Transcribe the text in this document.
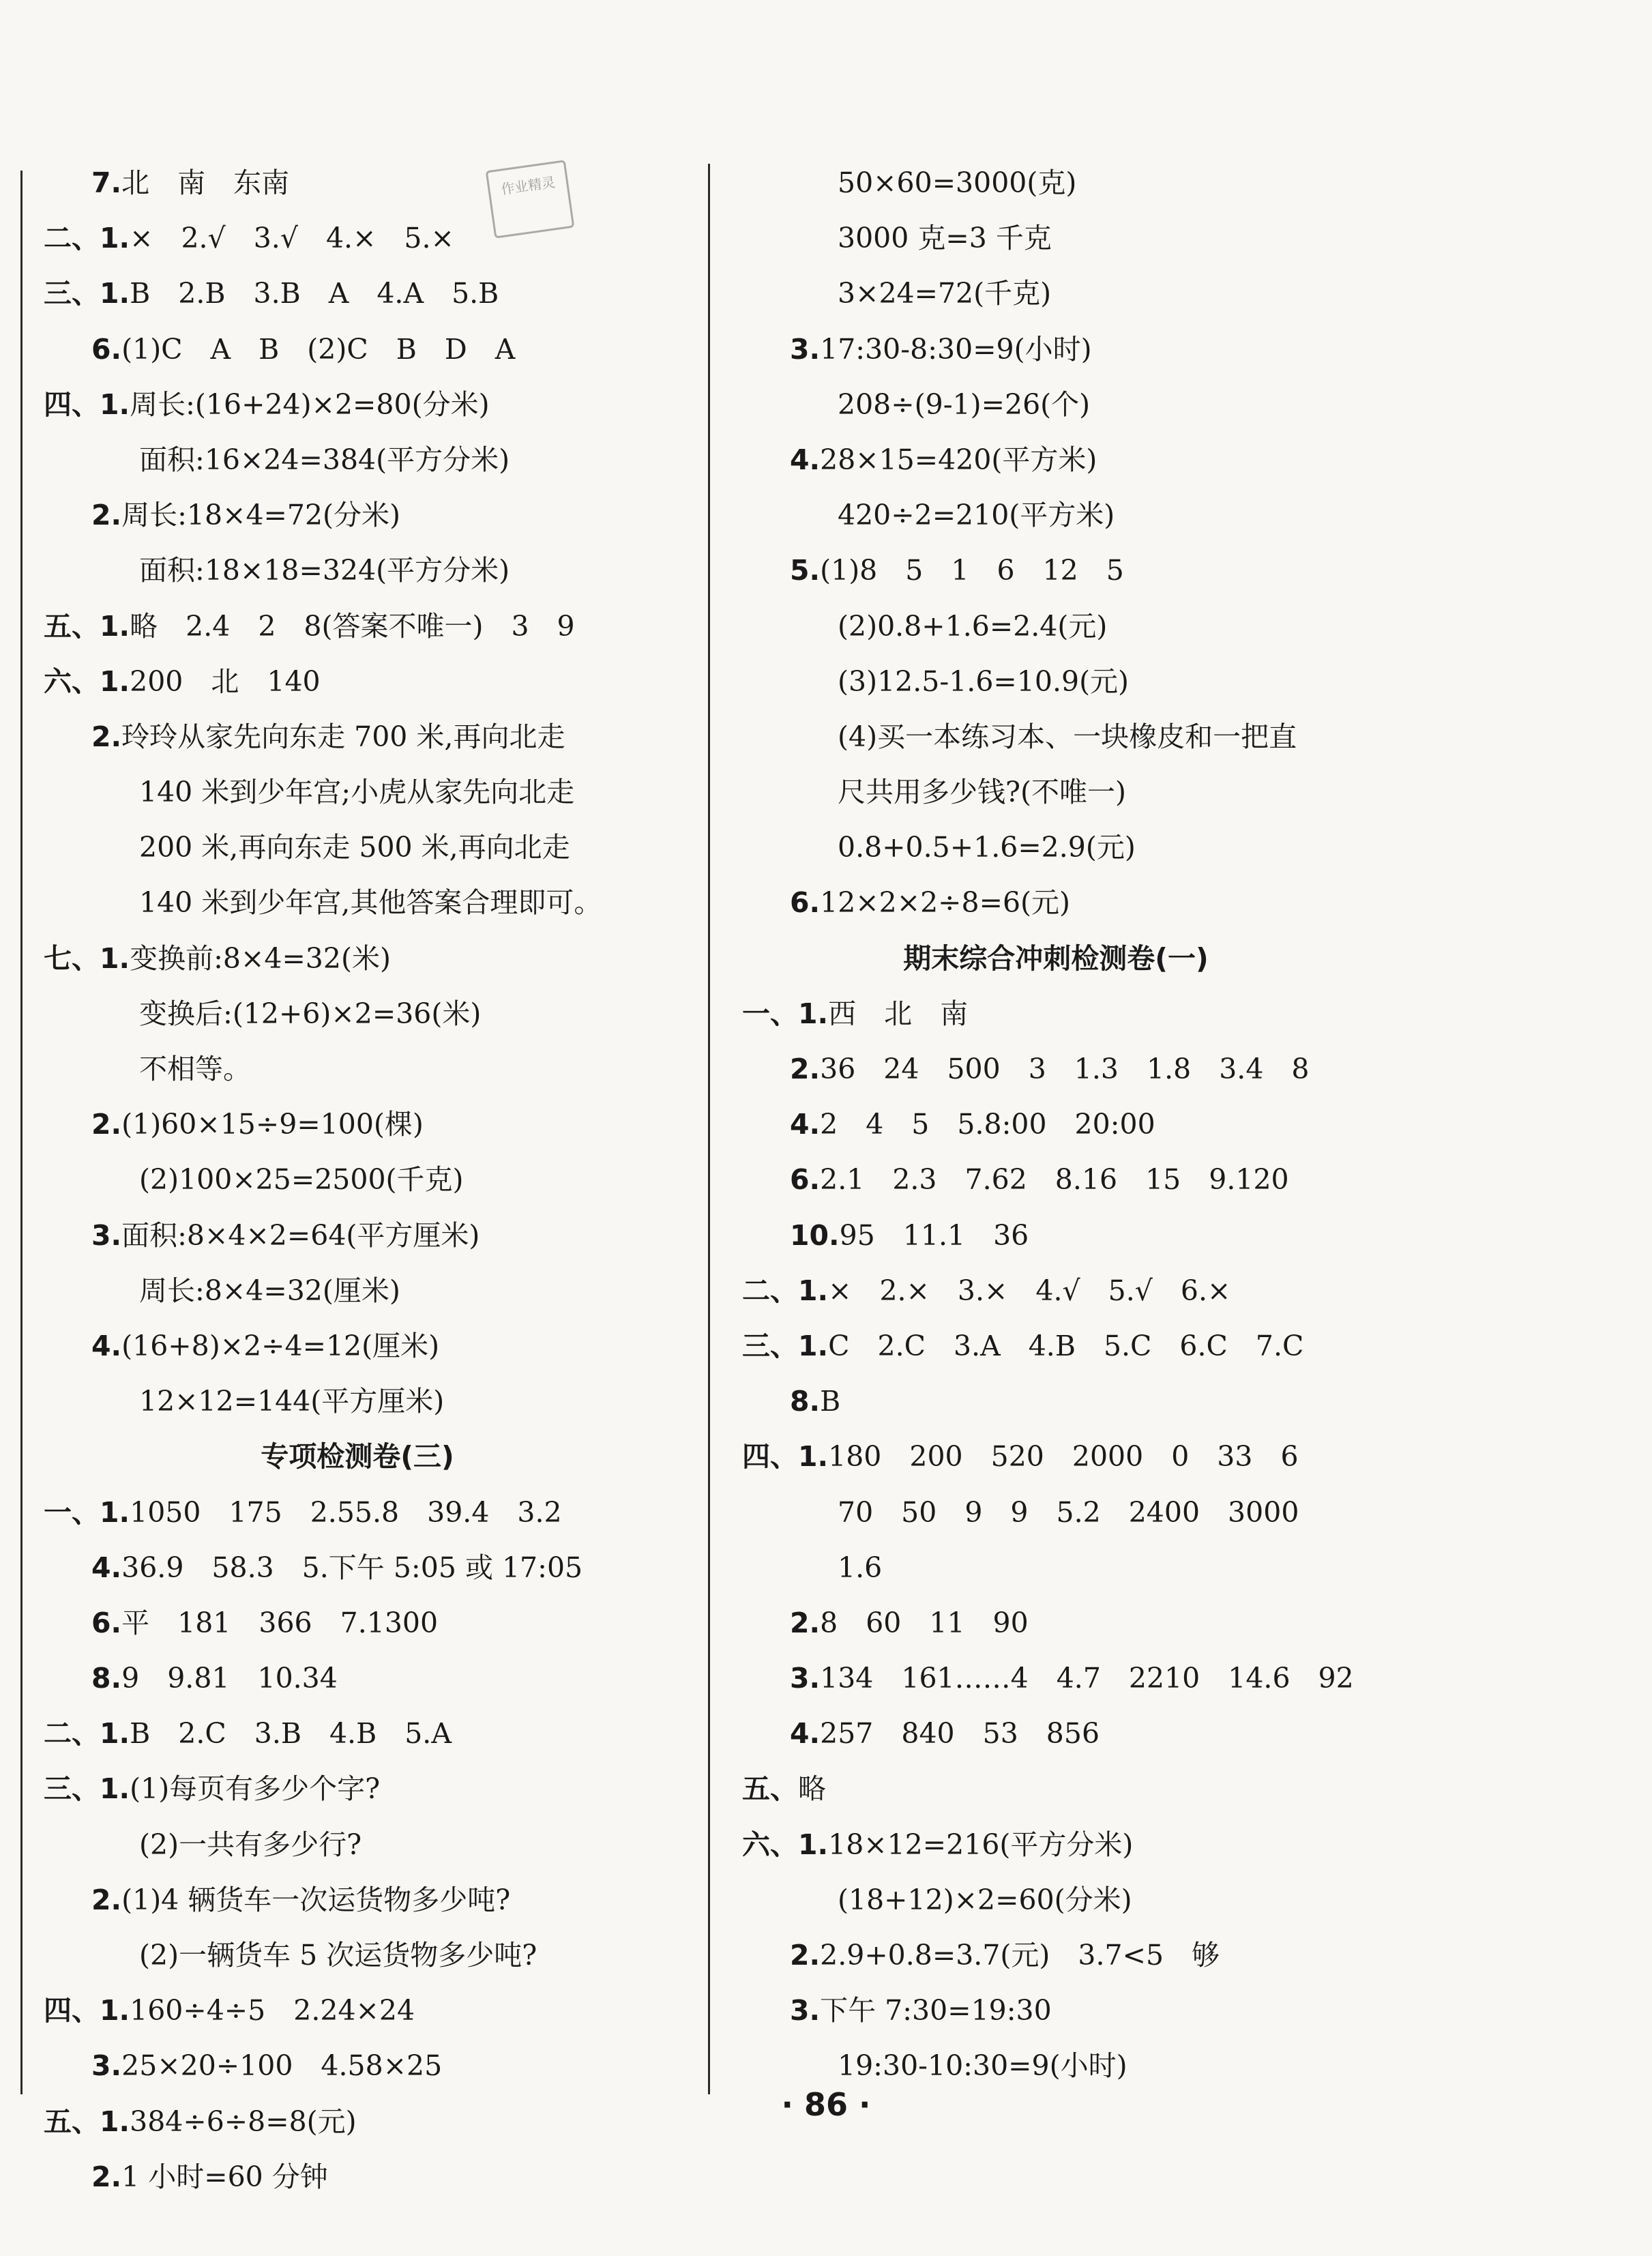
作业精灵
7.北　南　东南
二、1.×　2.√　3.√　4.×　5.×
三、1.B　2.B　3.B　A　4.A　5.B
6.(1)C　A　B　(2)C　B　D　A
四、1.周长:(16+24)×2=80(分米)
面积:16×24=384(平方分米)
2.周长:18×4=72(分米)
面积:18×18=324(平方分米)
五、1.略　2.4　2　8(答案不唯一)　3　9
六、1.200　北　140
2.玲玲从家先向东走 700 米,再向北走
140 米到少年宫;小虎从家先向北走
200 米,再向东走 500 米,再向北走
140 米到少年宫,其他答案合理即可。
七、1.变换前:8×4=32(米)
变换后:(12+6)×2=36(米)
不相等。
2.(1)60×15÷9=100(棵)
(2)100×25=2500(千克)
3.面积:8×4×2=64(平方厘米)
周长:8×4=32(厘米)
4.(16+8)×2÷4=12(厘米)
12×12=144(平方厘米)
专项检测卷(三)
一、1.1050　175　2.55.8　39.4　3.2
4.36.9　58.3　5.下午 5:05 或 17:05
6.平　181　366　7.1300
8.9　9.81　10.34
二、1.B　2.C　3.B　4.B　5.A
三、1.(1)每页有多少个字?
(2)一共有多少行?
2.(1)4 辆货车一次运货物多少吨?
(2)一辆货车 5 次运货物多少吨?
四、1.160÷4÷5　2.24×24
3.25×20÷100　4.58×25
五、1.384÷6÷8=8(元)
2.1 小时=60 分钟
50×60=3000(克)
3000 克=3 千克
3×24=72(千克)
3.17:30-8:30=9(小时)
208÷(9-1)=26(个)
4.28×15=420(平方米)
420÷2=210(平方米)
5.(1)8　5　1　6　12　5
(2)0.8+1.6=2.4(元)
(3)12.5-1.6=10.9(元)
(4)买一本练习本、一块橡皮和一把直
尺共用多少钱?(不唯一)
0.8+0.5+1.6=2.9(元)
6.12×2×2÷8=6(元)
期末综合冲刺检测卷(一)
一、1.西　北　南
2.36　24　500　3　1.3　1.8　3.4　8
4.2　4　5　5.8:00　20:00
6.2.1　2.3　7.62　8.16　15　9.120
10.95　11.1　36
二、1.×　2.×　3.×　4.√　5.√　6.×
三、1.C　2.C　3.A　4.B　5.C　6.C　7.C
8.B
四、1.180　200　520　2000　0　33　6
70　50　9　9　5.2　2400　3000
1.6
2.8　60　11　90
3.134　161……4　4.7　2210　14.6　92
4.257　840　53　856
五、略
六、1.18×12=216(平方分米)
(18+12)×2=60(分米)
2.2.9+0.8=3.7(元)　3.7<5　够
3.下午 7:30=19:30
19:30-10:30=9(小时)
· 86 ·
